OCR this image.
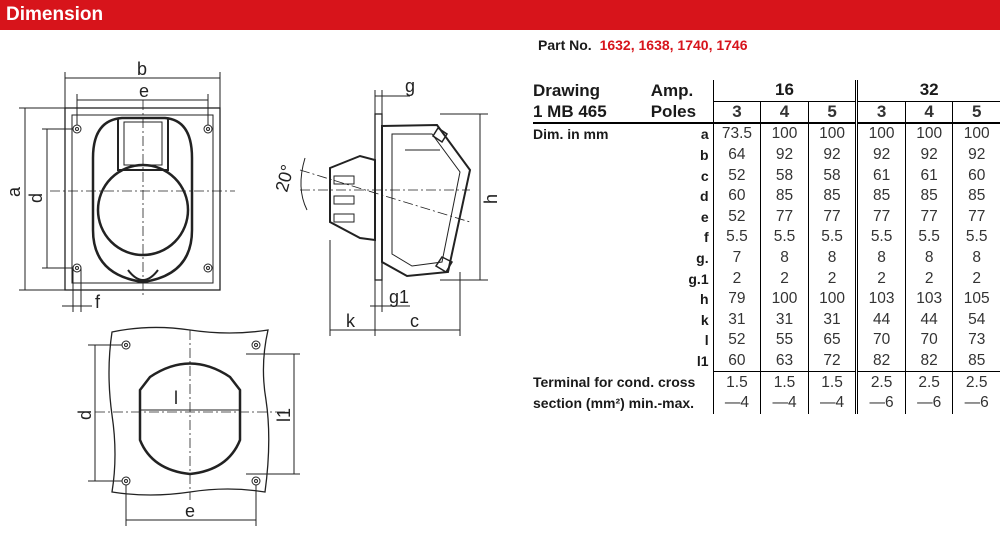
Dimension
Part No. 1632, 1638, 1740, 1746
b
e
a
d
f
g
20°
h
g1
k	c
l
l1
d
e
Drawing	Amp.	16			32		
1 MB 465	Poles	3	4	5	3	4	5
Dim. in mm	a	73.5	100	100	100	100	100
	b	64	92	92	92	92	92
	c	52	58	58	61	61	60
	d	60	85	85	85	85	85
	e	52	77	77	77	77	77
	f	5.5	5.5	5.5	5.5	5.5	5.5
	g.	7	8	8	8	8	8
	g.1	2	2	2	2	2	2
	h	79	100	100	103	103	105
	k	31	31	31	44	44	54
	l	52	55	65	70	70	73
	l1	60	63	72	82	82	85
Terminal for cond. cross		1.5	1.5	1.5	2.5	2.5	2.5
section (mm²) min.-max.		—4	—4	—4	—6	—6	—6
